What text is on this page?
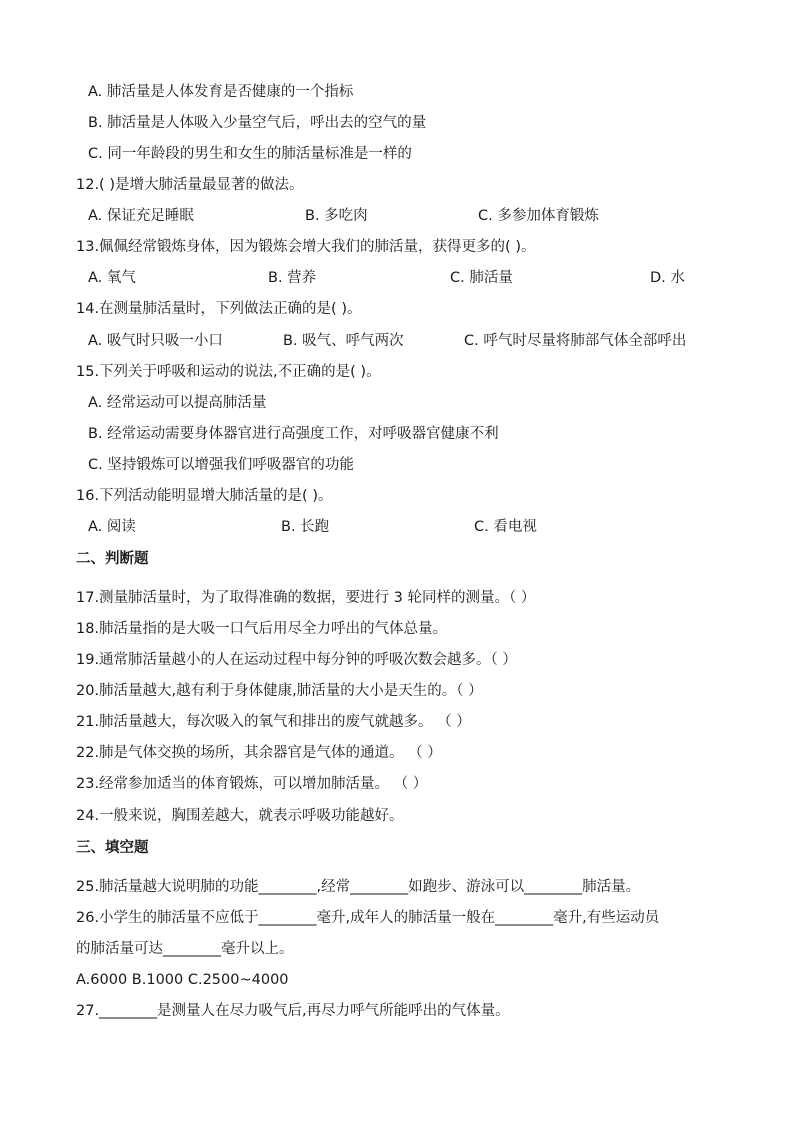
A. 肺活量是人体发育是否健康的一个指标
B. 肺活量是人体吸入少量空气后，呼出去的空气的量
C. 同一年龄段的男生和女生的肺活量标准是一样的
12.( )是增大肺活量最显著的做法。
A. 保证充足睡眠	B. 多吃肉	C. 多参加体育锻炼
13.佩佩经常锻炼身体，因为锻炼会增大我们的肺活量，获得更多的( )。
A. 氧气	B. 营养	C. 肺活量	D. 水
14.在测量肺活量时，下列做法正确的是( )。
A. 吸气时只吸一小口	B. 吸气、呼气两次	C. 呼气时尽量将肺部气体全部呼出
15.下列关于呼吸和运动的说法,不正确的是( )。
A. 经常运动可以提高肺活量
B. 经常运动需要身体器官进行高强度工作，对呼吸器官健康不利
C. 坚持锻炼可以增强我们呼吸器官的功能
16.下列活动能明显增大肺活量的是( )。
A. 阅读	B. 长跑	C. 看电视
二、判断题
17.测量肺活量时，为了取得准确的数据，要进行 3 轮同样的测量。（ ）
18.肺活量指的是大吸一口气后用尽全力呼出的气体总量。
19.通常肺活量越小的人在运动过程中每分钟的呼吸次数会越多。（ ）
20.肺活量越大,越有利于身体健康,肺活量的大小是天生的。（ ）
21.肺活量越大，每次吸入的氧气和排出的废气就越多。 （ ）
22.肺是气体交换的场所，其余器官是气体的通道。 （ ）
23.经常参加适当的体育锻炼，可以增加肺活量。 （ ）
24.一般来说，胸围差越大，就表示呼吸功能越好。
三、填空题
25.肺活量越大说明肺的功能________,经常________如跑步、游泳可以________肺活量。
26.小学生的肺活量不应低于________毫升,成年人的肺活量一般在________毫升,有些运动员
的肺活量可达________毫升以上。
A.6000 B.1000 C.2500~4000
27.________是测量人在尽力吸气后,再尽力呼气所能呼出的气体量。
